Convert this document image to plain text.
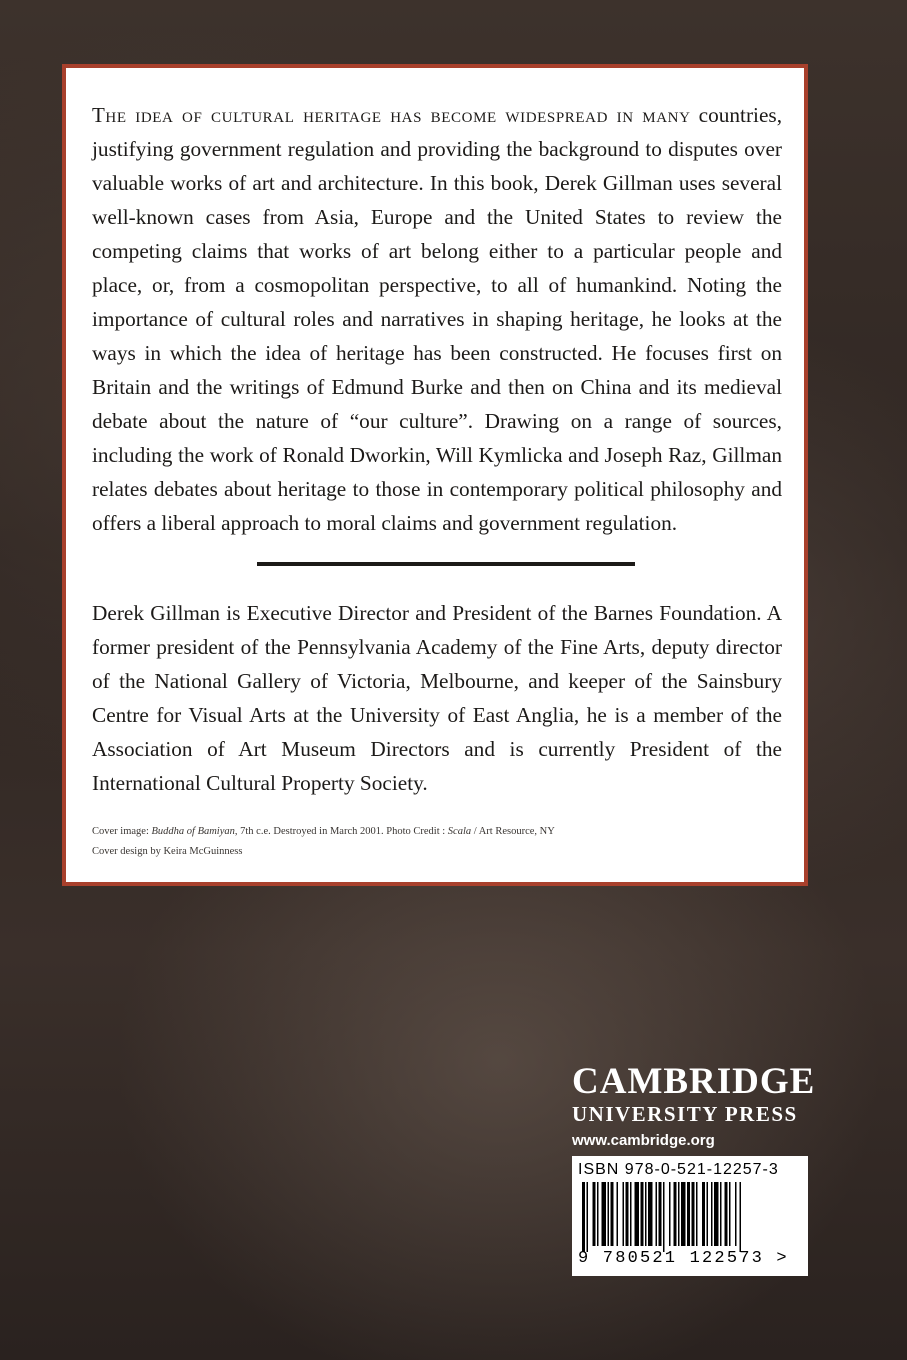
The idea of cultural heritage has become widespread in many countries, justifying government regulation and providing the background to disputes over valuable works of art and architecture. In this book, Derek Gillman uses several well-known cases from Asia, Europe and the United States to review the competing claims that works of art belong either to a particular people and place, or, from a cosmopolitan perspective, to all of humankind. Noting the importance of cultural roles and narratives in shaping heritage, he looks at the ways in which the idea of heritage has been constructed. He focuses first on Britain and the writings of Edmund Burke and then on China and its medieval debate about the nature of “our culture”. Drawing on a range of sources, including the work of Ronald Dworkin, Will Kymlicka and Joseph Raz, Gillman relates debates about heritage to those in contemporary political philosophy and offers a liberal approach to moral claims and government regulation.

Derek Gillman is Executive Director and President of the Barnes Foundation. A former president of the Pennsylvania Academy of the Fine Arts, deputy director of the National Gallery of Victoria, Melbourne, and keeper of the Sainsbury Centre for Visual Arts at the University of East Anglia, he is a member of the Association of Art Museum Directors and is currently President of the International Cultural Property Society.

Cover image: Buddha of Bamiyan, 7th c.e. Destroyed in March 2001. Photo Credit : Scala / Art Resource, NY
Cover design by Keira McGuinness
CAMBRIDGE
UNIVERSITY PRESS
www.cambridge.org
ISBN 978-0-521-12257-3
9 780521 122573 >
